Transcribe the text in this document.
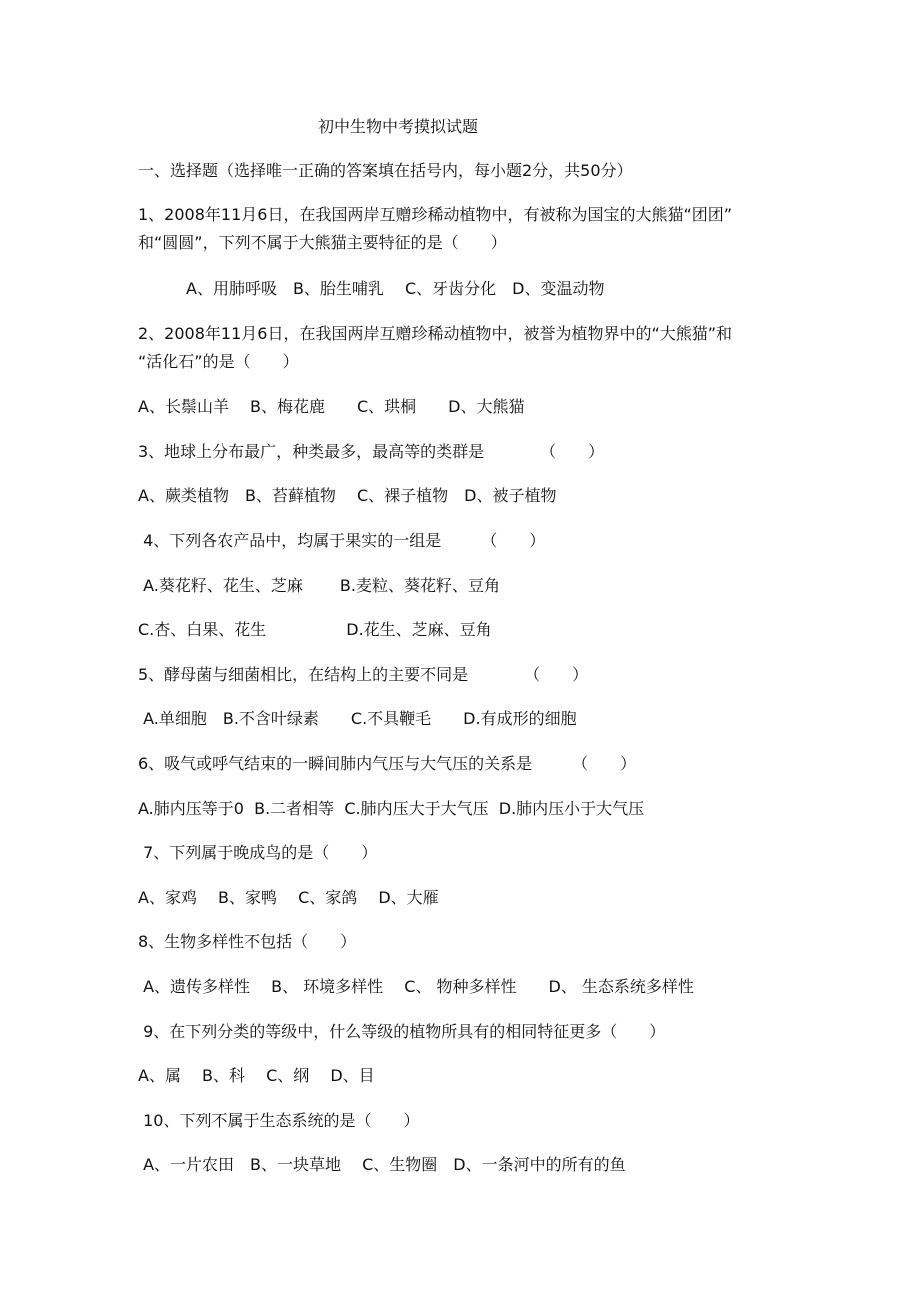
初中生物中考摸拟试题
一、选择题（选择唯一正确的答案填在括号内，每小题2分，共50分）
1、2008年11月6日，在我国两岸互赠珍稀动植物中，有被称为国宝的大熊猫“团团”
和“圆圆”，下列不属于大熊猫主要特征的是（　　）
A、用肺呼吸　B、胎生哺乳　 C、牙齿分化　D、变温动物
2、2008年11月6日，在我国两岸互赠珍稀动植物中，被誉为植物界中的“大熊猫”和
“活化石”的是（　　）
A、长鬃山羊　 B、梅花鹿　　C、珙桐　　D、大熊猫
3、地球上分布最广，种类最多，最高等的类群是　　　　（　　）
A、蕨类植物　B、苔藓植物　 C、裸子植物　D、被子植物
4、下列各农产品中，均属于果实的一组是　　　（　　）
A.葵花籽、花生、芝麻　　 B.麦粒、葵花籽、豆角
C.杏、白果、花生　　　　　D.花生、芝麻、豆角
5、酵母菌与细菌相比，在结构上的主要不同是　　　　（　　）
A.单细胞　B.不含叶绿素　　C.不具鞭毛　　D.有成形的细胞
6、吸气或呼气结束的一瞬间肺内气压与大气压的关系是　　　（　　）
A.肺内压等于0  B.二者相等  C.肺内压大于大气压  D.肺内压小于大气压
7、下列属于晚成鸟的是（　　）
A、家鸡　 B、家鸭　 C、家鸽　 D、大雁
8、生物多样性不包括（　　）
A、遗传多样性　 B、 环境多样性　 C、 物种多样性　　D、 生态系统多样性
9、在下列分类的等级中，什么等级的植物所具有的相同特征更多（　　）
A、属　 B、科　 C、纲　 D、目
10、下列不属于生态系统的是（　　）
A、一片农田　B、一块草地　 C、生物圈　D、一条河中的所有的鱼
